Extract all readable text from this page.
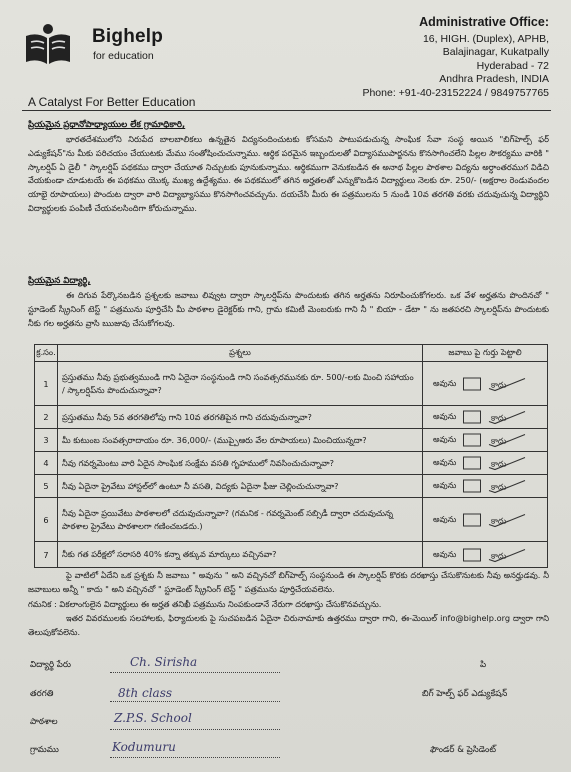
Bighelp
for education
A Catalyst For Better Education
Administrative Office:
16, HIGH. (Duplex), APHB,
Balajinagar, Kukatpally
Hyderabad - 72
Andhra Pradesh, INDIA
Phone: +91-40-23152224 / 9849757765
ప్రియమైన ప్రధానోపాధ్యాయుల లేక గ్రామాధికారి,
భారతదేశములోని నిరుపేద బాలబాలికలు ఉన్నతైన విద్యనందించుటకు కోసమని పాటుపడుచున్న సాంఘిక సేవా సంస్థ అయిన "బిగ్‌హెల్ప్ ఫర్ ఎడ్యుకేషన్"ను మీకు పరిచయం చేయుటకు మేము సంతోషించుచున్నాము. ఆర్థిక పరమైన ఇబ్బందులతో విద్యాసముపార్జనను కొనసాగించలేని పిల్లల సౌకర్యము వారికి " స్కాలర్షిప్ ఏ డైలీ " స్కాలర్షిప్ పథకము ద్వారా చేయూత నిచ్చుటకు పూనుకున్నాము. ఆర్థికముగా వెనుకబడిన ఈ అనాథ పిల్లల పాఠశాల విద్యను అర్ధాంతరముగ విడిచి వేయకుండా చూడుటయే ఈ పథకము యొక్క ముఖ్య ఉద్దేశ్యము. ఈ పథకములో తగిన అర్హతలతో ఎన్నుకొబడిన విద్యార్థులు నెలకు రూ. 250/- (అక్షరాల రెండువందల యాభై రూపాయలు) పొందుట ద్వారా వారి విద్యాభ్యాసము కొనసాగించవచ్చును. దయచేసి మీరు ఈ పత్రములను 5 నుండి 10వ తరగతి వరకు చదువుచున్న విద్యార్థిని విద్యార్థులకు పంపిణీ చేయవలసిందిగా కోరుచున్నాము.
ప్రియమైన విద్యార్థి,
ఈ దిగువ పేర్కొనబడిన ప్రశ్నలకు జవాబు లివ్వుట ద్వారా స్కాలర్షిప్‌ను పొందుటకు తగిన అర్హతను నిరూపించుకోగలరు. ఒక వేళ అర్హతను పొందినచో " స్టూడెంట్ స్క్రీనింగ్ టెస్ట్ " పత్రమును పూర్తిచేసి మీ పాఠశాల డైరెక్టర్‌కు గాని, గ్రామ కమిటీ మెంబరుకు గాని నీ " బియా - డేటా " ను జతపరచి స్కాలర్షిప్‌ను పొందుటకు నీకు గల అర్హతను వ్రాసి ఋజువు చేసుకోగలవు.
క్ర.సం.	ప్రశ్నలు	జవాబు పై గుర్తు పెట్టాలి
1	ప్రస్తుతము నీవు ప్రభుత్వముండి గాని ఏదైనా సంస్థనుండి గాని సంవత్సరమునకు రూ. 500/-లకు మించి సహాయం / స్కాలర్షిప్‌ను పొందుచున్నావా?	అవును కాదు

2	ప్రస్తుతము నీవు 5వ తరగతిలోపు గాని 10వ తరగతిపైన గాని చదువుచున్నావా?	అవును కాదు

3	మీ కుటుంబ సంవత్సరాదాయం రూ. 36,000/- (ముప్పైఆరు వేల రూపాయలు) మించియున్నదా?	అవును కాదు

4	నీవు గవర్నమెంటు వారి ఏదైన సాంఘిక సంక్షేమ వసతి గృహములో నివసించుచున్నావా?	అవును కాదు

5	నీవు ఏదైనా ప్రైవేటు హాస్టల్‌లో ఉంటూ నీ వసతి, విద్యకు ఏదైనా ఫీజు చెల్లించుచున్నావా?	అవును కాదు

6	నీవు ఏదైనా ప్రయివేటు పాఠశాలలో చదువుచున్నావా? (గమనిక - గవర్నమెంట్ సబ్సిడీ ద్వారా చదువుచున్న పాఠశాల ప్రైవేటు పాఠశాలగా గణించబడదు.)	అవును కాదు

7	నీకు గత పరీక్షలో సరాసరి 40% కన్నా తక్కువ మార్కులు వచ్చినవా?	అవును కాదు
పై వాటిలో ఏదేని ఒక ప్రశ్నకు నీ జవాబు " అవును " అని వచ్చినచో బిగ్‌హెల్ప్ సంస్థనుండి ఈ స్కాలర్షిప్ కొరకు దరఖాస్తు చేసుకొనుటకు నీవు అనర్హుడవు. నీ జవాబులు అన్నీ " కాదు " అని వచ్చినచో " స్టూడెంట్ స్క్రీనింగ్ టెస్ట్ " పత్రమును పూర్తిచేయవలెను.
గమనిక : వికలాంగులైన విద్యార్థులు ఈ అర్హత తనిఖీ పత్రమును నింపకుండానే నేరుగా దరఖాస్తు చేసుకొనవచ్చును.
ఇతర వివరములకు సలహాలకు, ఫిర్యాదులకు పై సుచపబడిన ఏదైనా చిరునామాకు ఉత్తరము ద్వారా గాని, ఈ-మెయిల్ info@bighelp.org ద్వారా గాని తెలుపుకోవలెను.
విద్యార్థి పేరు	Ch. Sirisha
తరగతి	8th class
పాఠశాల	Z.P.S. School
గ్రామము	Kodumuru
పి
బిగ్ హెల్ప్ ఫర్ ఎడ్యుకేషన్
ఫౌండర్ & ప్రెసిడెంట్
